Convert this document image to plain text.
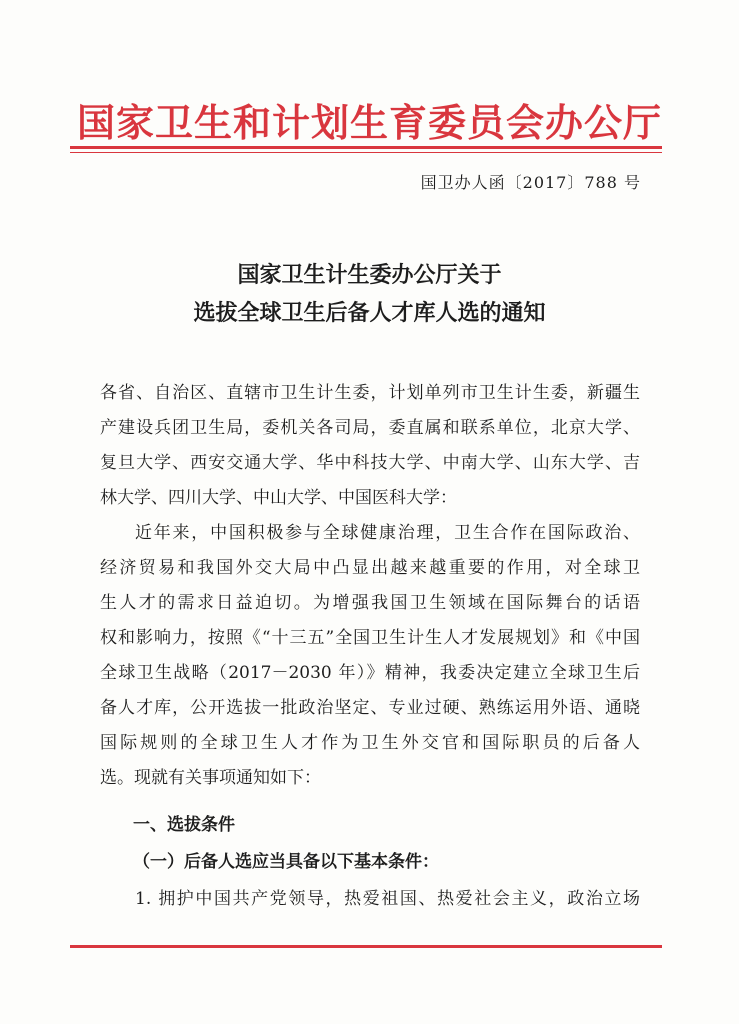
国家卫生和计划生育委员会办公厅
国卫办人函〔2017〕788 号
国家卫生计生委办公厅关于
选拔全球卫生后备人才库人选的通知
各省、自治区、直辖市卫生计生委，计划单列市卫生计生委，新疆生
产建设兵团卫生局，委机关各司局，委直属和联系单位，北京大学、
复旦大学、西安交通大学、华中科技大学、中南大学、山东大学、吉
林大学、四川大学、中山大学、中国医科大学：
近年来，中国积极参与全球健康治理，卫生合作在国际政治、
经济贸易和我国外交大局中凸显出越来越重要的作用，对全球卫
生人才的需求日益迫切。为增强我国卫生领域在国际舞台的话语
权和影响力，按照《“十三五”全国卫生计生人才发展规划》和《中国
全球卫生战略（2017－2030 年）》精神，我委决定建立全球卫生后
备人才库，公开选拔一批政治坚定、专业过硬、熟练运用外语、通晓
国际规则的全球卫生人才作为卫生外交官和国际职员的后备人
选。现就有关事项通知如下：
一、选拔条件
（一）后备人选应当具备以下基本条件：
1. 拥护中国共产党领导，热爱祖国、热爱社会主义，政治立场
